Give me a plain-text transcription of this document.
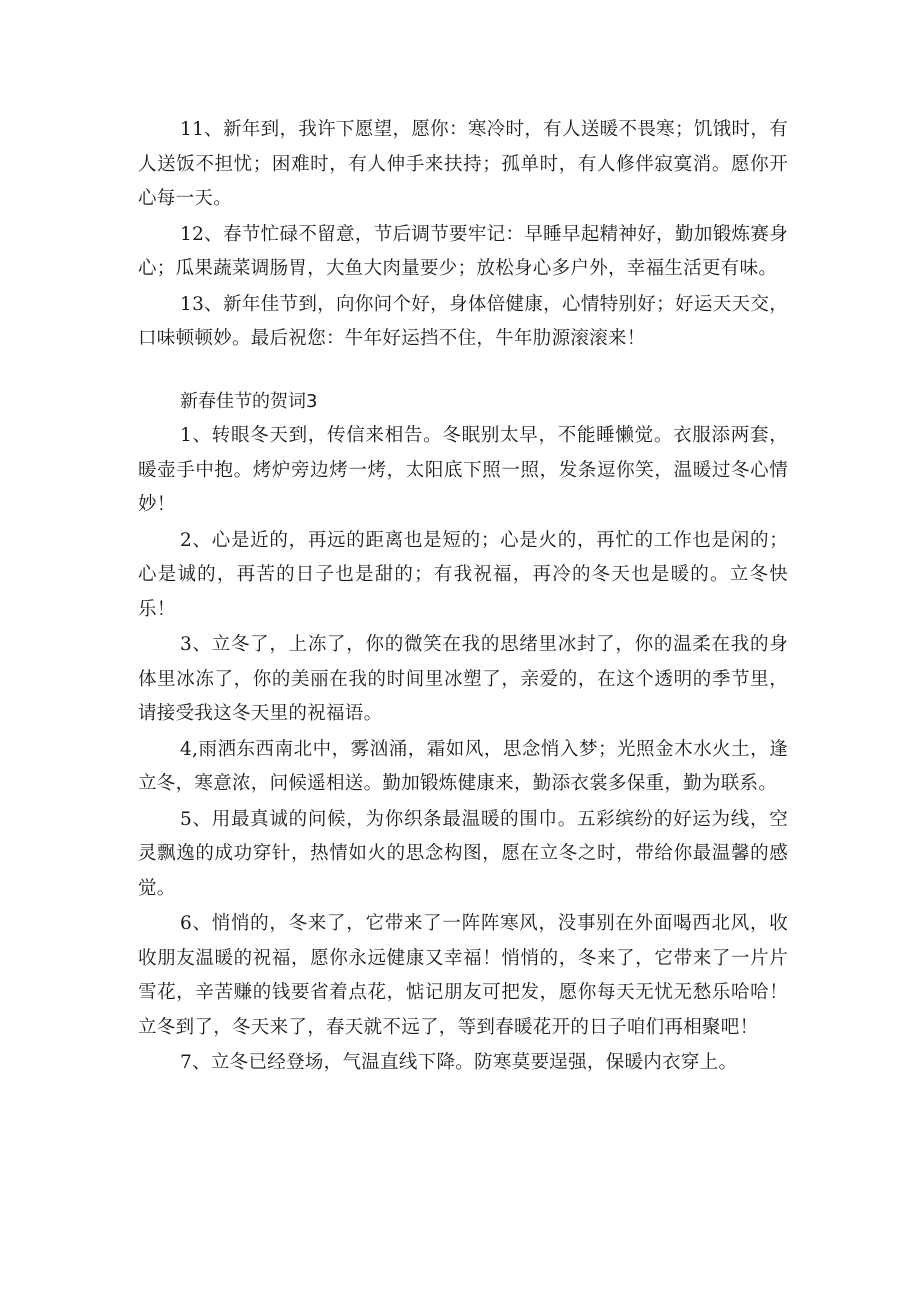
11、新年到，我许下愿望，愿你：寒冷时，有人送暖不畏寒；饥饿时，有人送饭不担忧；困难时，有人伸手来扶持；孤单时，有人修伴寂寞消。愿你开心每一天。

12、春节忙碌不留意，节后调节要牢记：早睡早起精神好，勤加锻炼赛身心；瓜果蔬菜调肠胃，大鱼大肉量要少；放松身心多户外，幸福生活更有味。

13、新年佳节到，向你问个好，身体倍健康，心情特别好；好运天天交，口味顿顿妙。最后祝您：牛年好运挡不住，牛年肋源滚滚来！

新春佳节的贺词3

1、转眼冬天到，传信来相告。冬眠别太早，不能睡懒觉。衣服添两套，暖壶手中抱。烤炉旁边烤一烤，太阳底下照一照，发条逗你笑，温暖过冬心情妙！

2、心是近的，再远的距离也是短的；心是火的，再忙的工作也是闲的；心是诚的，再苦的日子也是甜的；有我祝福，再冷的冬天也是暖的。立冬快乐！

3、立冬了，上冻了，你的微笑在我的思绪里冰封了，你的温柔在我的身体里冰冻了，你的美丽在我的时间里冰塑了，亲爱的，在这个透明的季节里，请接受我这冬天里的祝福语。

4,雨洒东西南北中，雾汹涌，霜如风，思念悄入梦；光照金木水火土，逢立冬，寒意浓，问候遥相送。勤加锻炼健康来，勤添衣裳多保重，勤为联系。

5、用最真诚的问候，为你织条最温暖的围巾。五彩缤纷的好运为线，空灵飘逸的成功穿针，热情如火的思念构图，愿在立冬之时，带给你最温馨的感觉。

6、悄悄的，冬来了，它带来了一阵阵寒风，没事别在外面喝西北风，收收朋友温暖的祝福，愿你永远健康又幸福！悄悄的，冬来了，它带来了一片片雪花，辛苦赚的钱要省着点花，惦记朋友可把发，愿你每天无忧无愁乐哈哈！立冬到了，冬天来了，春天就不远了，等到春暖花开的日子咱们再相聚吧！

7、立冬已经登场，气温直线下降。防寒莫要逞强，保暖内衣穿上。
